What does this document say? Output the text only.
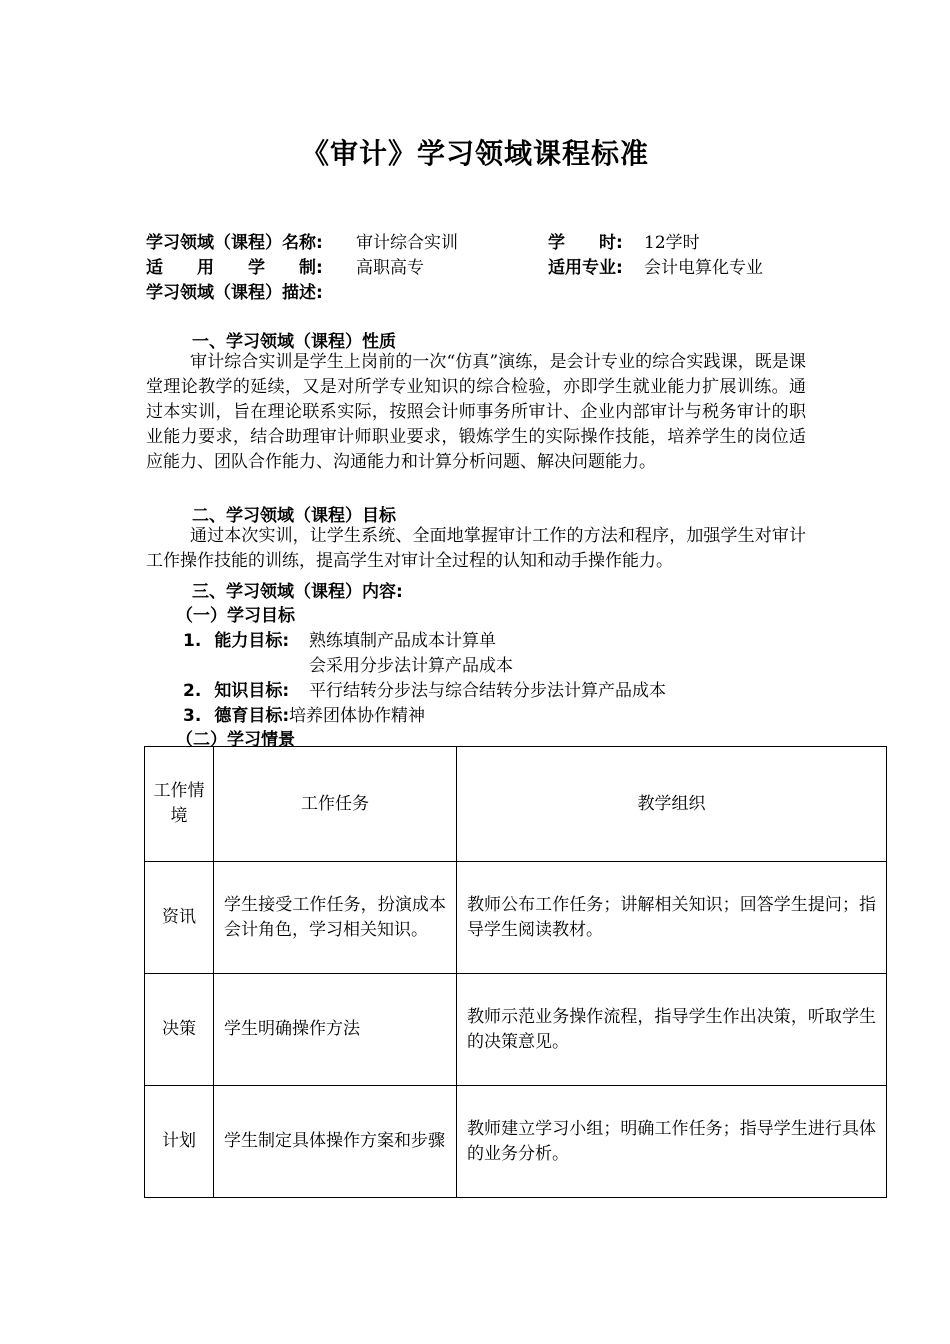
《审计》学习领域课程标准
学习领域（课程）名称: 审计综合实训	学　　时: 12学时
适　　用　　学　　制: 高职高专	适用专业: 会计电算化专业
学习领域（课程）描述:
一、学习领域（课程）性质
审计综合实训是学生上岗前的一次“仿真”演练，是会计专业的综合实践课，既是课堂理论教学的延续，又是对所学专业知识的综合检验，亦即学生就业能力扩展训练。通过本实训，旨在理论联系实际，按照会计师事务所审计、企业内部审计与税务审计的职业能力要求，结合助理审计师职业要求，锻炼学生的实际操作技能，培养学生的岗位适应能力、团队合作能力、沟通能力和计算分析问题、解决问题能力。
二、学习领域（课程）目标
通过本次实训，让学生系统、全面地掌握审计工作的方法和程序，加强学生对审计工作操作技能的训练，提高学生对审计全过程的认知和动手操作能力。
三、学习领域（课程）内容:
（一）学习目标
1. 能力目标: 熟练填制产品成本计算单
会采用分步法计算产品成本
2. 知识目标: 平行结转分步法与综合结转分步法计算产品成本
3. 德育目标: 培养团体协作精神
（二）学习情景
工作情境	工作任务	教学组织
资讯	学生接受工作任务，扮演成本会计角色，学习相关知识。	教师公布工作任务；讲解相关知识；回答学生提问；指导学生阅读教材。
决策	学生明确操作方法	教师示范业务操作流程，指导学生作出决策，听取学生的决策意见。
计划	学生制定具体操作方案和步骤	教师建立学习小组；明确工作任务；指导学生进行具体的业务分析。
